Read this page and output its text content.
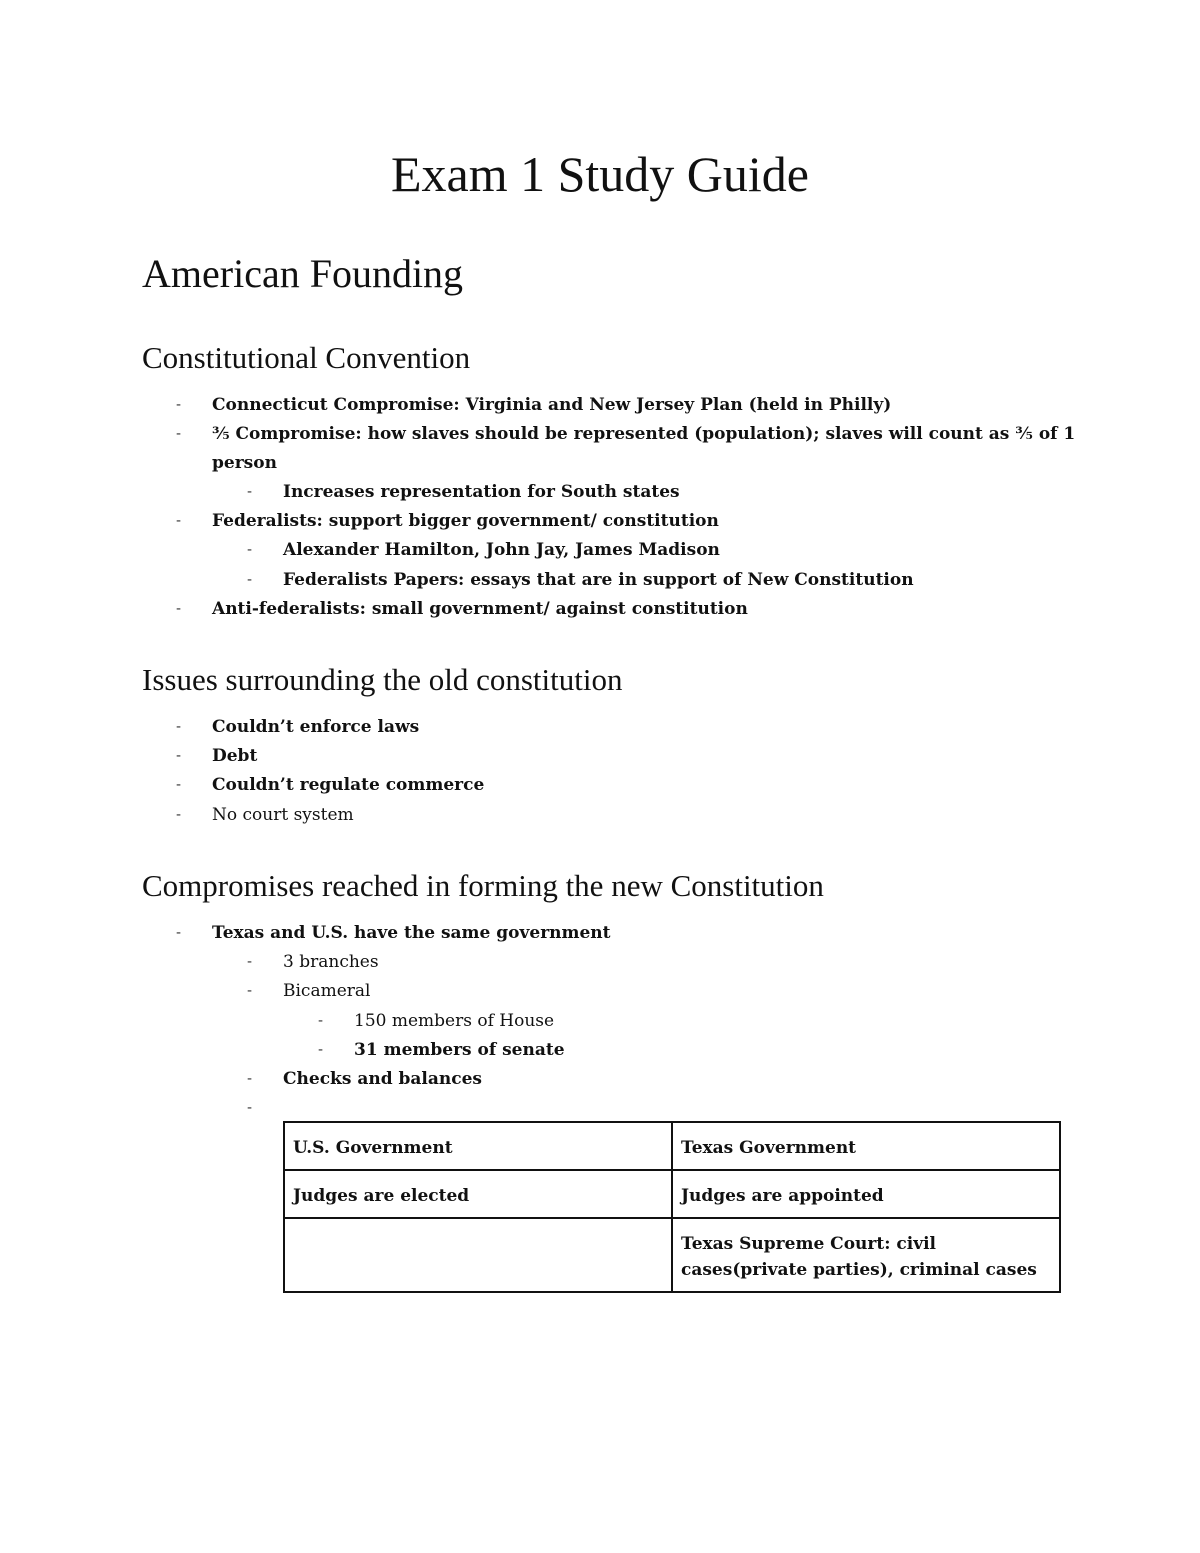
Exam 1 Study Guide
American Founding
Constitutional Convention
- Connecticut Compromise: Virginia and New Jersey Plan (held in Philly)
- ⅗ Compromise: how slaves should be represented (population); slaves will count as ⅗ of 1
person
- Increases representation for South states
- Federalists: support bigger government/ constitution
- Alexander Hamilton, John Jay, James Madison
- Federalists Papers: essays that are in support of New Constitution
- Anti-federalists: small government/ against constitution
Issues surrounding the old constitution
- Couldn’t enforce laws
- Debt
- Couldn’t regulate commerce
- No court system
Compromises reached in forming the new Constitution
- Texas and U.S. have the same government
- 3 branches
- Bicameral
- 150 members of House
- 31 members of senate
- Checks and balances
-
U.S. Government	Texas Government
Judges are elected	Judges are appointed
	Texas Supreme Court: civil cases(private parties), criminal cases
